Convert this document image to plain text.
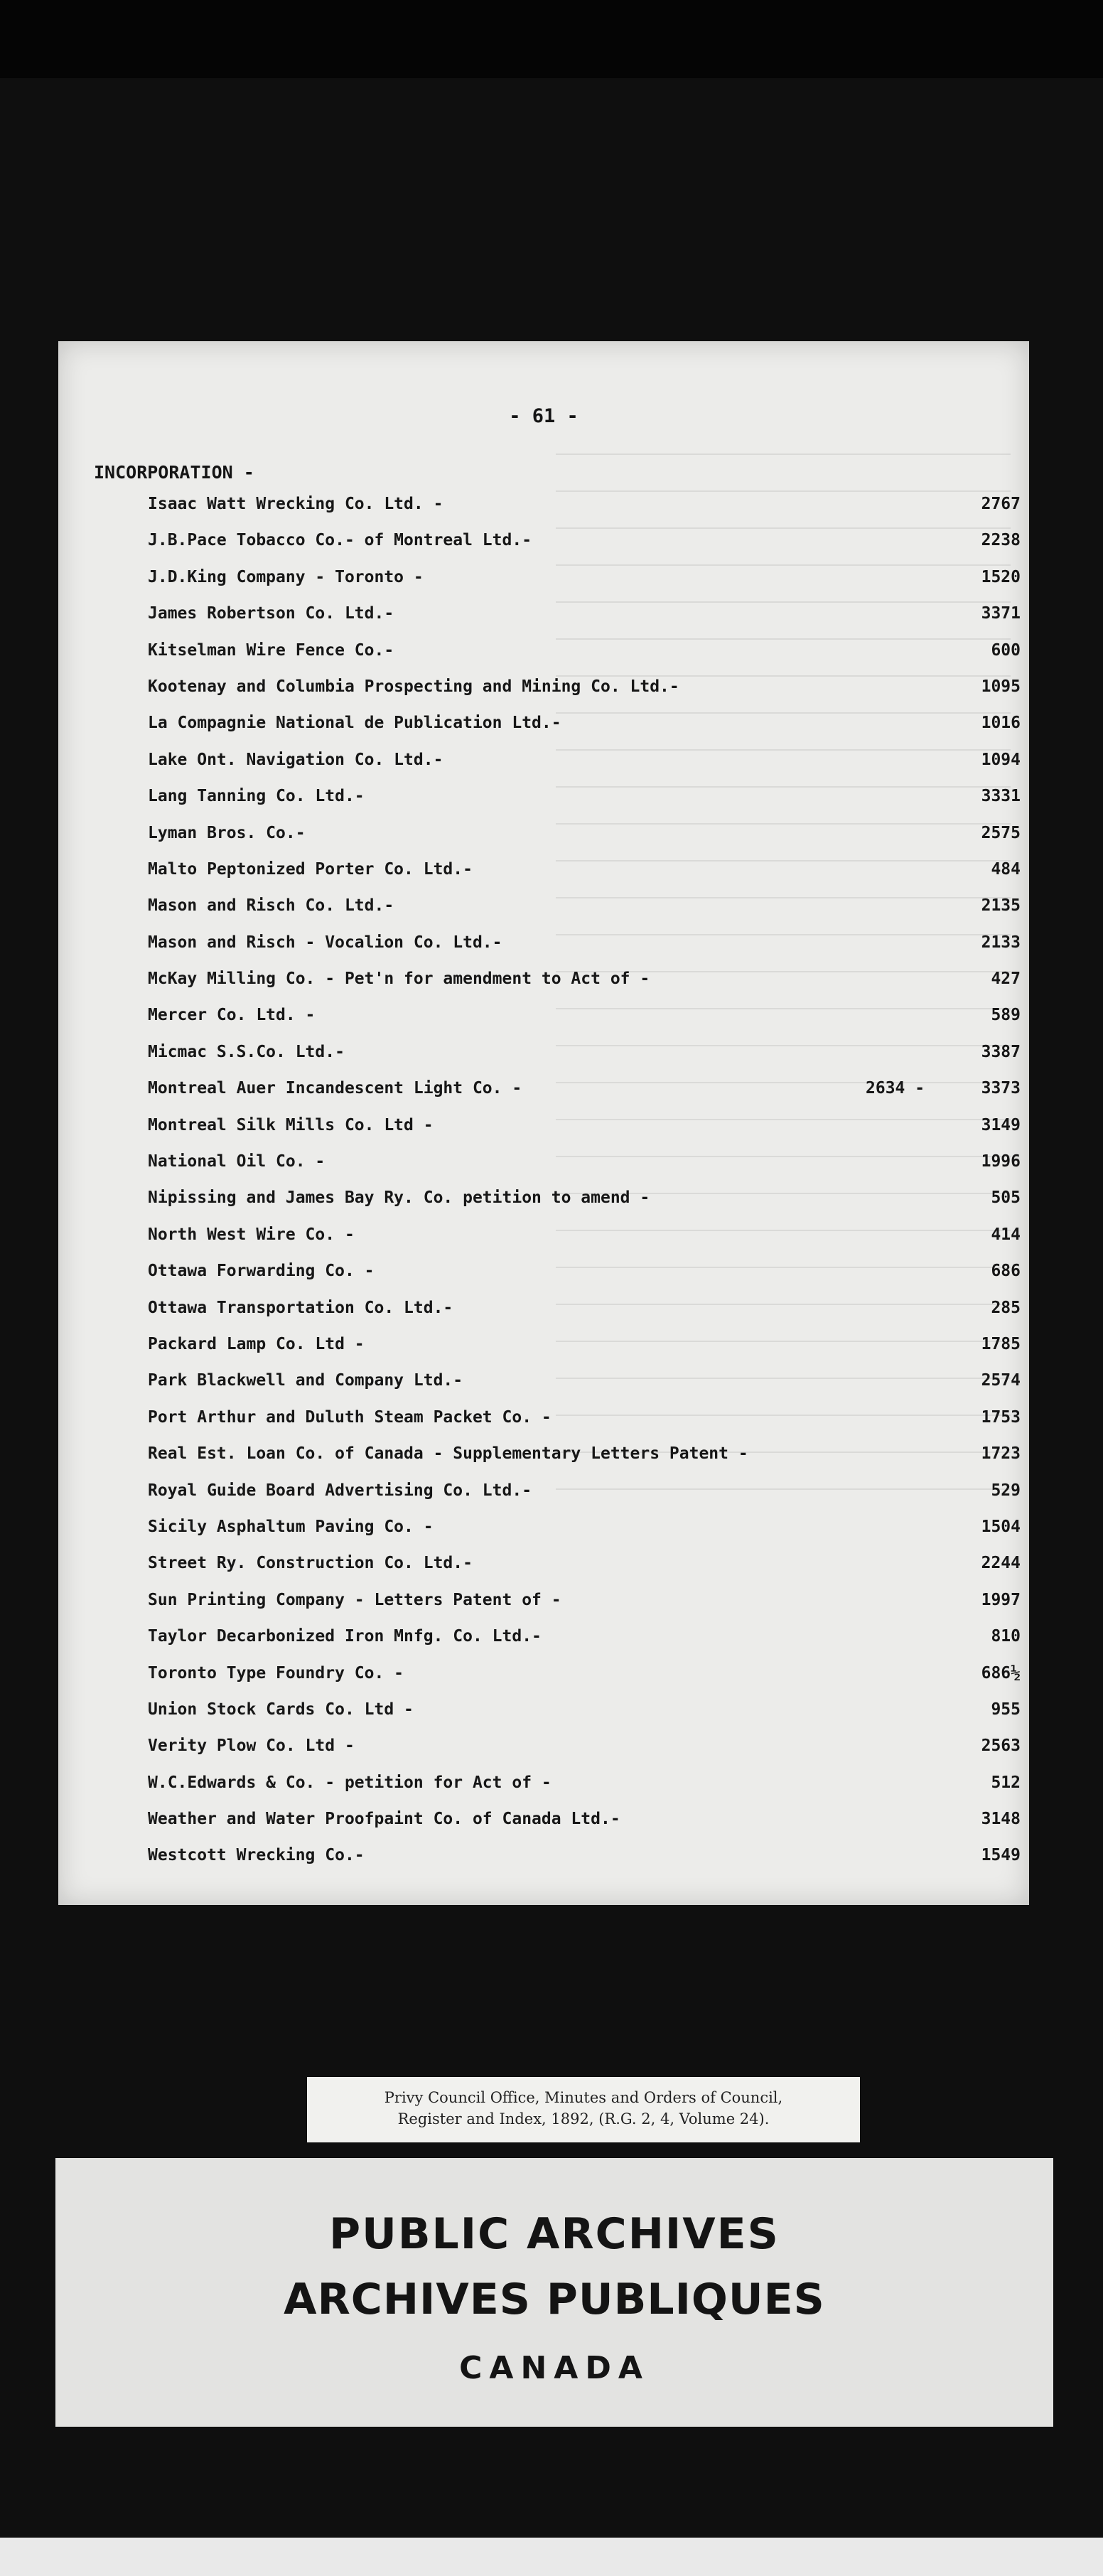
- 61 -
INCORPORATION -
Isaac Watt Wrecking Co. Ltd. -	2767
J.B.Pace Tobacco Co.- of Montreal Ltd.-	2238
J.D.King Company - Toronto -	1520
James Robertson Co. Ltd.-	3371
Kitselman Wire Fence Co.-	600
Kootenay and Columbia Prospecting and Mining Co. Ltd.-	1095
La Compagnie National de Publication Ltd.-	1016
Lake Ont. Navigation Co. Ltd.-	1094
Lang Tanning Co. Ltd.-	3331
Lyman Bros. Co.-	2575
Malto Peptonized Porter Co. Ltd.-	484
Mason and Risch Co. Ltd.-	2135
Mason and Risch - Vocalion Co. Ltd.-	2133
McKay Milling Co. - Pet'n for amendment to Act of -	427
Mercer Co. Ltd. -	589
Micmac S.S.Co. Ltd.-	3387
Montreal Auer Incandescent Light Co. -	2634 -	3373
Montreal Silk Mills Co. Ltd -	3149
National Oil Co. -	1996
Nipissing and James Bay Ry. Co. petition to amend -	505
North West Wire Co. -	414
Ottawa Forwarding Co. -	686
Ottawa Transportation Co. Ltd.-	285
Packard Lamp Co. Ltd -	1785
Park Blackwell and Company Ltd.-	2574
Port Arthur and Duluth Steam Packet Co. -	1753
Real Est. Loan Co. of Canada - Supplementary Letters Patent -	1723
Royal Guide Board Advertising Co. Ltd.-	529
Sicily Asphaltum Paving Co. -	1504
Street Ry. Construction Co. Ltd.-	2244
Sun Printing Company - Letters Patent of -	1997
Taylor Decarbonized Iron Mnfg. Co. Ltd.-	810
Toronto Type Foundry Co. -	686½
Union Stock Cards Co. Ltd -	955
Verity Plow Co. Ltd -	2563
W.C.Edwards & Co. - petition for Act of -	512
Weather and Water Proofpaint Co. of Canada Ltd.-	3148
Westcott Wrecking Co.-	1549
Privy Council Office, Minutes and Orders of Council,
Register and Index, 1892, (R.G. 2, 4, Volume 24).
PUBLIC ARCHIVES
ARCHIVES PUBLIQUES
CANADA
